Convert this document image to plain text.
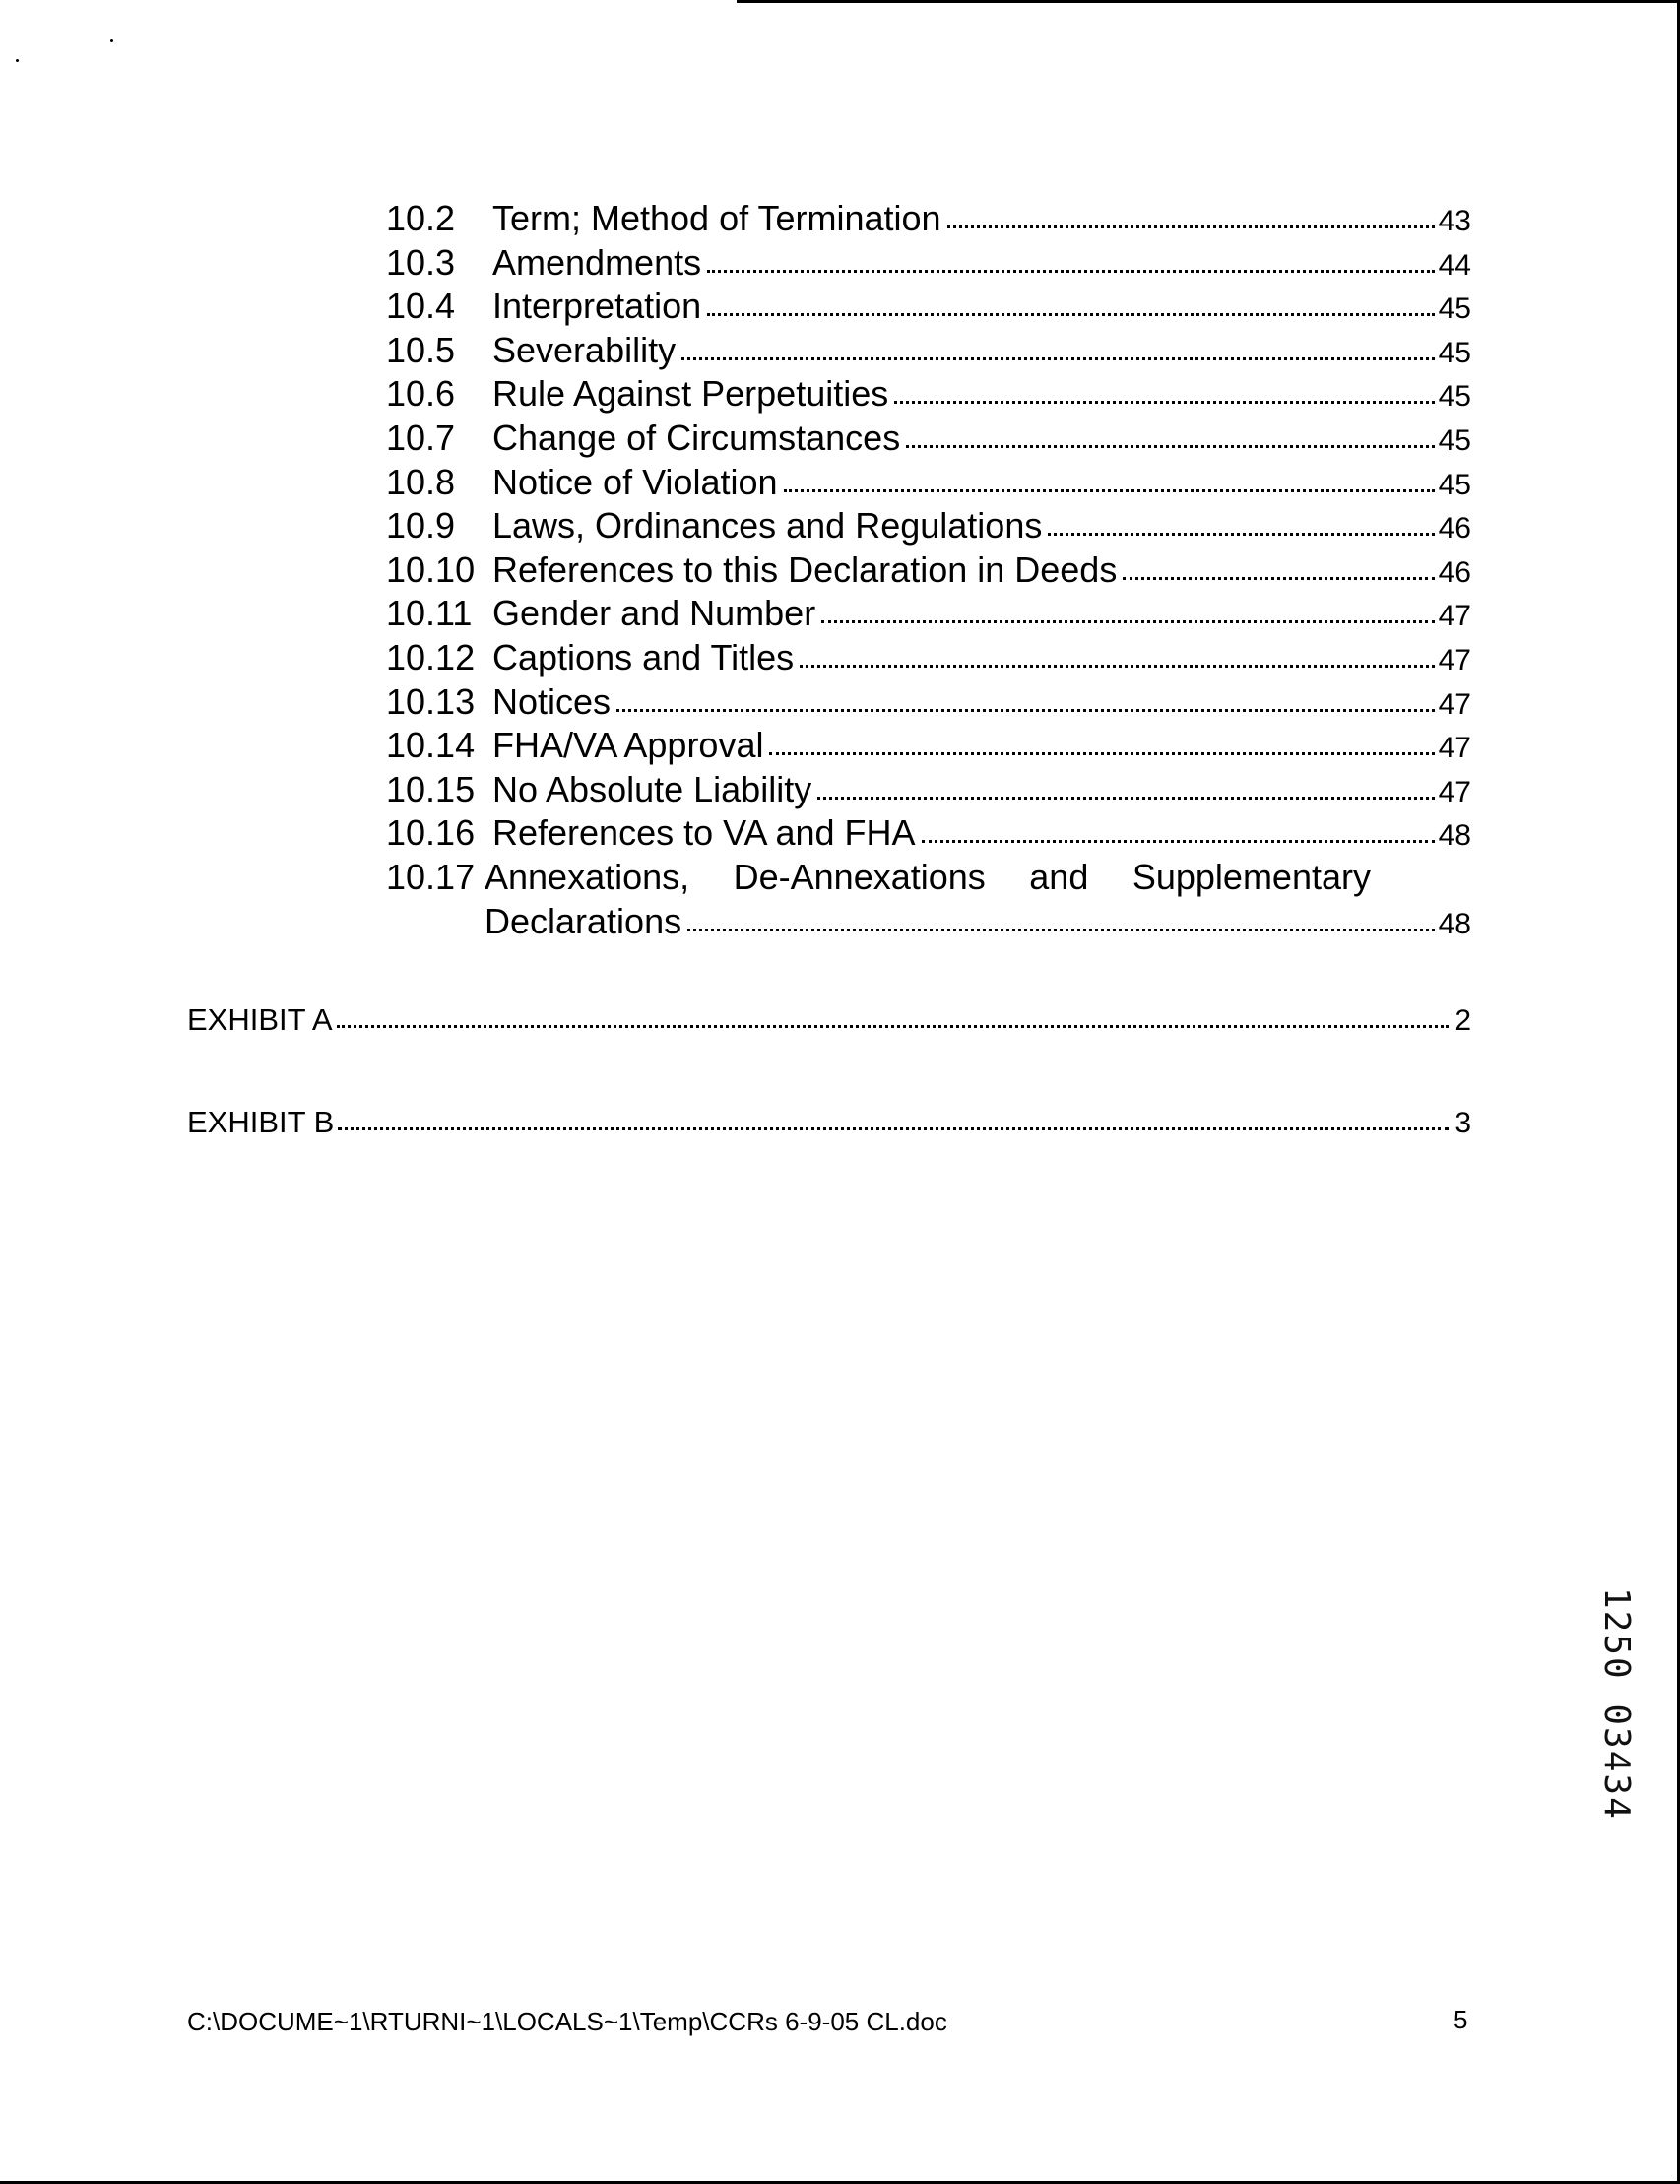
10.2	Term; Method of Termination	43
10.3	Amendments	44
10.4	Interpretation	45
10.5	Severability	45
10.6	Rule Against Perpetuities	45
10.7	Change of Circumstances	45
10.8	Notice of Violation	45
10.9	Laws, Ordinances and Regulations	46
10.10 References to this Declaration in Deeds	46
10.11 Gender and Number	47
10.12 Captions and Titles	47
10.13 Notices	47
10.14 FHA/VA Approval	47
10.15 No Absolute Liability	47
10.16 References to VA and FHA	48
10.17 Annexations, De-Annexations and Supplementary
Declarations	48
EXHIBIT A	2
EXHIBIT B	3
1250 03434
C:\DOCUME~1\RTURNI~1\LOCALS~1\Temp\CCRs 6-9-05 CL.doc	5
